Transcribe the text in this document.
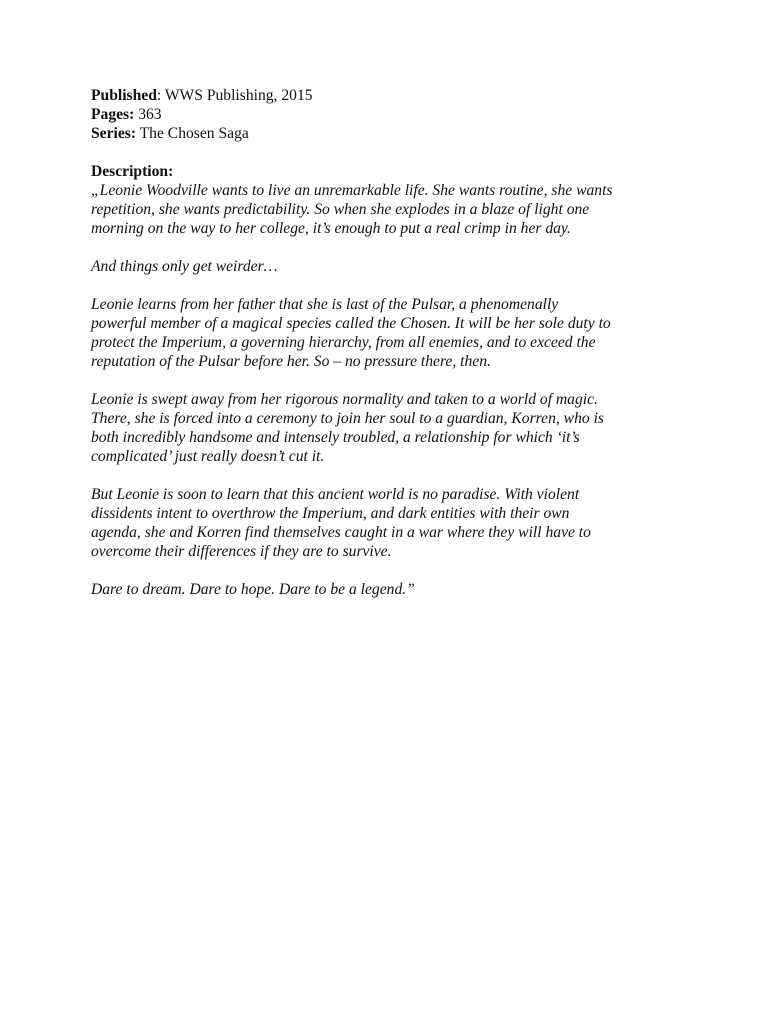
Published: WWS Publishing, 2015

Pages: 363

Series: The Chosen Saga

Description:

„Leonie Woodville wants to live an unremarkable life. She wants routine, she wants
repetition, she wants predictability. So when she explodes in a blaze of light one
morning on the way to her college, it’s enough to put a real crimp in her day.

And things only get weirder…

Leonie learns from her father that she is last of the Pulsar, a phenomenally
powerful member of a magical species called the Chosen. It will be her sole duty to
protect the Imperium, a governing hierarchy, from all enemies, and to exceed the
reputation of the Pulsar before her. So – no pressure there, then.

Leonie is swept away from her rigorous normality and taken to a world of magic.
There, she is forced into a ceremony to join her soul to a guardian, Korren, who is
both incredibly handsome and intensely troubled, a relationship for which ‘it’s
complicated’ just really doesn’t cut it.

But Leonie is soon to learn that this ancient world is no paradise. With violent
dissidents intent to overthrow the Imperium, and dark entities with their own
agenda, she and Korren find themselves caught in a war where they will have to
overcome their differences if they are to survive.

Dare to dream. Dare to hope. Dare to be a legend.”
